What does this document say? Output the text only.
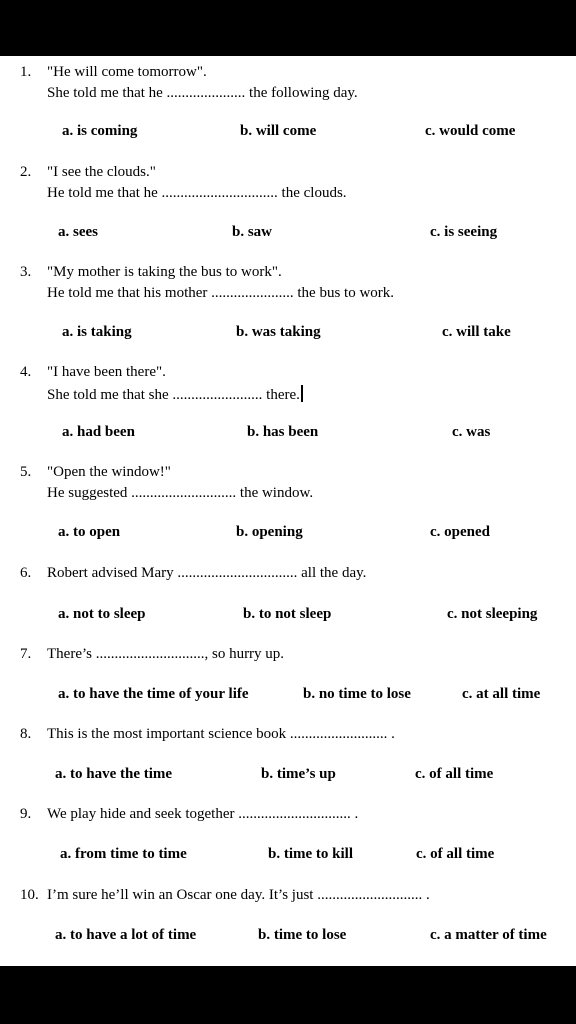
1. "He will come tomorrow".
She told me that he ..................... the following day.
a. is coming	b. will come	c. would come
2. "I see the clouds."
He told me that he ............................... the clouds.
a. sees	b. saw	c. is seeing
3. "My mother is taking the bus to work".
He told me that his mother ...................... the bus to work.
a. is taking	b. was taking	c. will take
4. "I have been there".
She told me that she ........................ there.
a. had been	b. has been	c. was
5. "Open the window!"
He suggested ............................ the window.
a. to open	b. opening	c. opened
6. Robert advised Mary ................................ all the day.
a. not to sleep	b. to not sleep	c. not sleeping
7. There’s ............................., so hurry up.
a. to have the time of your life	b. no time to lose	c. at all time
8. This is the most important science book .......................... .
a. to have the time	b. time’s up	c. of all time
9. We play hide and seek together .............................. .
a. from time to time	b. time to kill	c. of all time
10. I’m sure he’ll win an Oscar one day. It’s just ............................ .
a. to have a lot of time	b. time to lose	c. a matter of time
